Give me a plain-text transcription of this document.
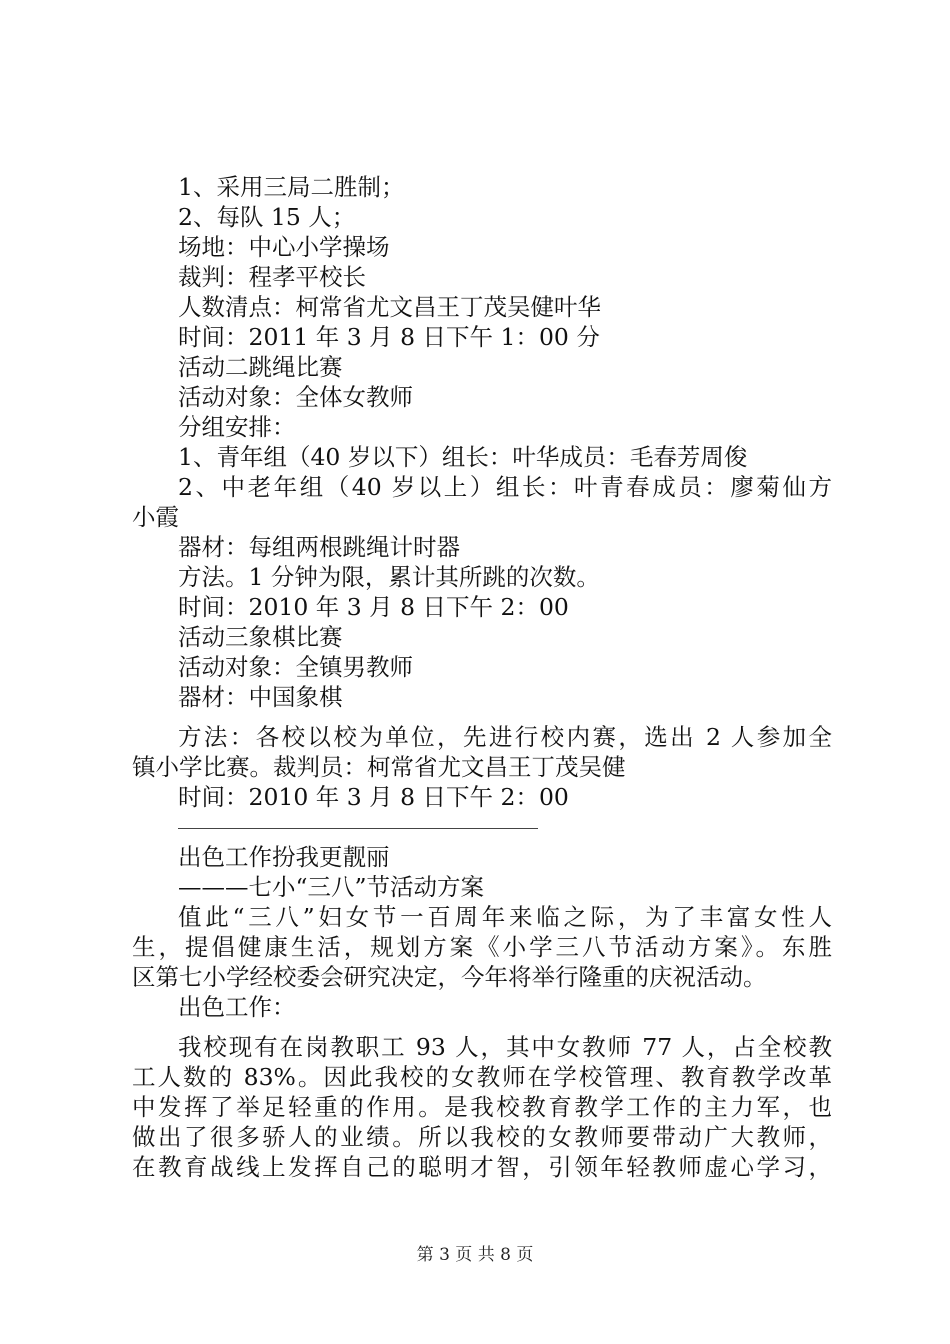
1、采用三局二胜制；
2、每队 15 人；
场地：中心小学操场
裁判：程孝平校长
人数清点：柯常省尤文昌王丁茂吴健叶华
时间：2011 年 3 月 8 日下午 1：00 分
活动二跳绳比赛
活动对象：全体女教师
分组安排：
1、青年组（40 岁以下）组长：叶华成员：毛春芳周俊
2、中老年组（40 岁以上）组长：叶青春成员：廖菊仙方
小霞
器材：每组两根跳绳计时器
方法。1 分钟为限，累计其所跳的次数。
时间：2010 年 3 月 8 日下午 2：00
活动三象棋比赛
活动对象：全镇男教师
器材：中国象棋
方法：各校以校为单位，先进行校内赛，选出 2 人参加全
镇小学比赛。裁判员：柯常省尤文昌王丁茂吴健
时间：2010 年 3 月 8 日下午 2：00
出色工作扮我更靓丽
———七小“三八”节活动方案
值此“三八”妇女节一百周年来临之际，为了丰富女性人
生，提倡健康生活，规划方案《小学三八节活动方案》。东胜
区第七小学经校委会研究决定，今年将举行隆重的庆祝活动。
出色工作：
我校现有在岗教职工 93 人，其中女教师 77 人，占全校教
工人数的 83%。因此我校的女教师在学校管理、教育教学改革
中发挥了举足轻重的作用。是我校教育教学工作的主力军，也
做出了很多骄人的业绩。所以我校的女教师要带动广大教师，
在教育战线上发挥自己的聪明才智，引领年轻教师虚心学习，
第 3 页 共 8 页
